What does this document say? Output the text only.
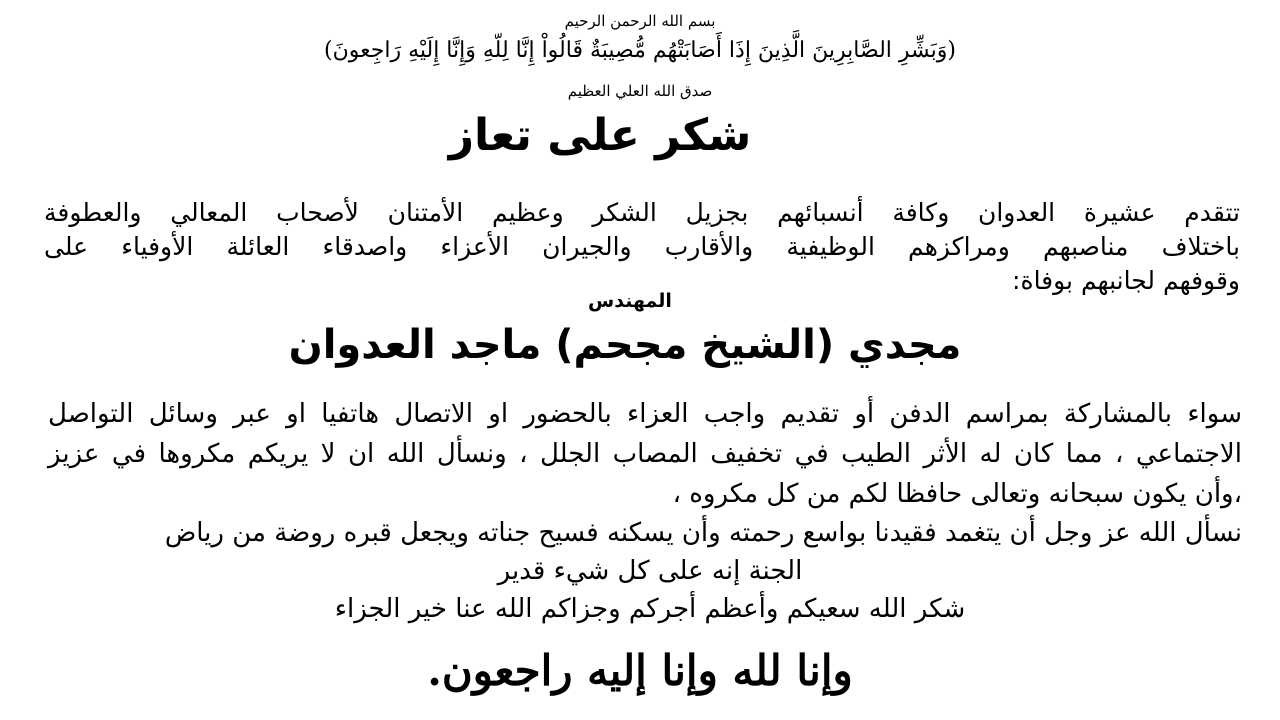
بسم الله الرحمن الرحيم
(وَبَشِّرِ الصَّابِرِينَ الَّذِينَ إِذَا أَصَابَتْهُم مُّصِيبَةٌ قَالُواْ إِنَّا لِلّهِ وَإِنَّا إِلَيْهِ رَاجِعونَ)
صدق الله العلي العظيم
شكر على تعاز
تتقدم عشيرة العدوان وكافة أنسبائهم بجزيل الشكر وعظيم الأمتنان لأصحاب المعالي والعطوفة
باختلاف مناصبهم ومراكزهم الوظيفية والأقارب والجيران الأعزاء واصدقاء العائلة الأوفياء على
وقوفهم لجانبهم بوفاة:
المهندس
مجدي (الشيخ مجحم) ماجد العدوان
سواء بالمشاركة بمراسم الدفن أو تقديم واجب العزاء بالحضور او الاتصال هاتفيا او عبر وسائل التواصل
الاجتماعي ، مما كان له الأثر الطيب في تخفيف المصاب الجلل ، ونسأل الله ان لا يريكم مكروها في عزيز
،وأن يكون سبحانه وتعالى حافظا لكم من كل مكروه ،
نسأل الله عز وجل أن يتغمد فقيدنا بواسع رحمته وأن يسكنه فسيح جناته ويجعل قبره روضة من رياض
الجنة إنه على كل شيء قدير
شكر الله سعيكم وأعظم أجركم وجزاكم الله عنا خير الجزاء
وإنا لله وإنا إليه راجعون.
